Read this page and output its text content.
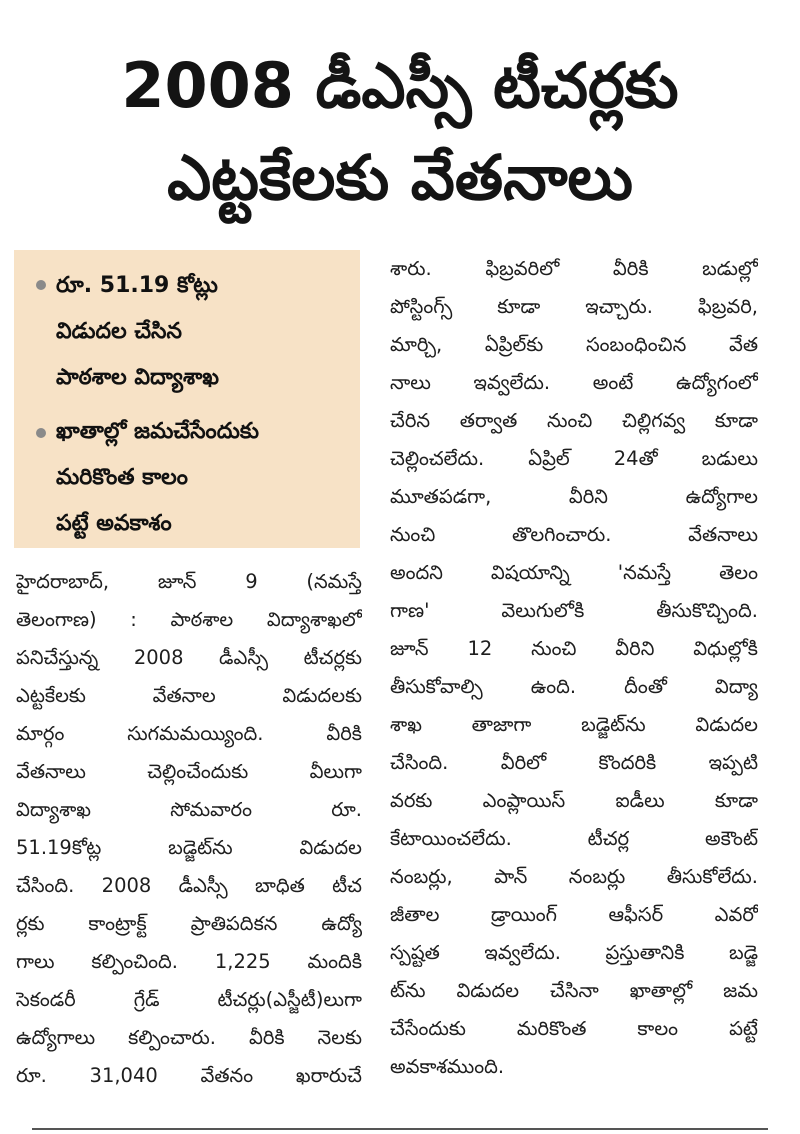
2008 డీఎస్సీ టీచర్లకు
ఎట్టకేలకు వేతనాలు
రూ. 51.19 కోట్లు
విడుదల చేసిన
పాఠశాల విద్యాశాఖ
ఖాతాల్లో జమచేసేందుకు
మరికొంత కాలం
పట్టే అవకాశం
హైదరాబాద్, జూన్ 9 (నమస్తే
తెలంగాణ) : పాఠశాల విద్యాశాఖలో
పనిచేస్తున్న 2008 డీఎస్సీ టీచర్లకు
ఎట్టకేలకు వేతనాల విడుదలకు
మార్గం సుగమమయ్యింది. వీరికి
వేతనాలు చెల్లించేందుకు వీలుగా
విద్యాశాఖ సోమవారం రూ.
51.19కోట్ల బడ్జెట్‌ను విడుదల
చేసింది. 2008 డీఎస్సీ బాధిత టీచ
ర్లకు కాంట్రాక్ట్ ప్రాతిపదికన ఉద్యో
గాలు కల్పించింది. 1,225 మందికి
సెకండరీ గ్రేడ్ టీచర్లు(ఎస్జీటీ)లుగా
ఉద్యోగాలు కల్పించారు. వీరికి నెలకు
రూ. 31,040 వేతనం ఖరారుచే
శారు. ఫిబ్రవరిలో వీరికి బడుల్లో
పోస్టింగ్స్ కూడా ఇచ్చారు. ఫిబ్రవరి,
మార్చి, ఏప్రిల్‌కు సంబంధించిన వేత
నాలు ఇవ్వలేదు. అంటే ఉద్యోగంలో
చేరిన తర్వాత నుంచి చిల్లిగవ్వ కూడా
చెల్లించలేదు. ఏప్రిల్ 24తో బడులు
మూతపడగా, వీరిని ఉద్యోగాల
నుంచి తొలగించారు. వేతనాలు
అందని విషయాన్ని 'నమస్తే తెలం
గాణ' వెలుగులోకి తీసుకొచ్చింది.
జూన్ 12 నుంచి వీరిని విధుల్లోకి
తీసుకోవాల్సి ఉంది. దీంతో విద్యా
శాఖ తాజాగా బడ్జెట్‌ను విడుదల
చేసింది. వీరిలో కొందరికి ఇప్పటి
వరకు ఎంప్లాయిస్ ఐడీలు కూడా
కేటాయించలేదు. టీచర్ల అకౌంట్
నంబర్లు, పాన్ నంబర్లు తీసుకోలేదు.
జీతాల డ్రాయింగ్ ఆఫీసర్ ఎవరో
స్పష్టత ఇవ్వలేదు. ప్రస్తుతానికి బడ్జె
ట్‌ను విడుదల చేసినా ఖాతాల్లో జమ
చేసేందుకు మరికొంత కాలం పట్టే
అవకాశముంది.
